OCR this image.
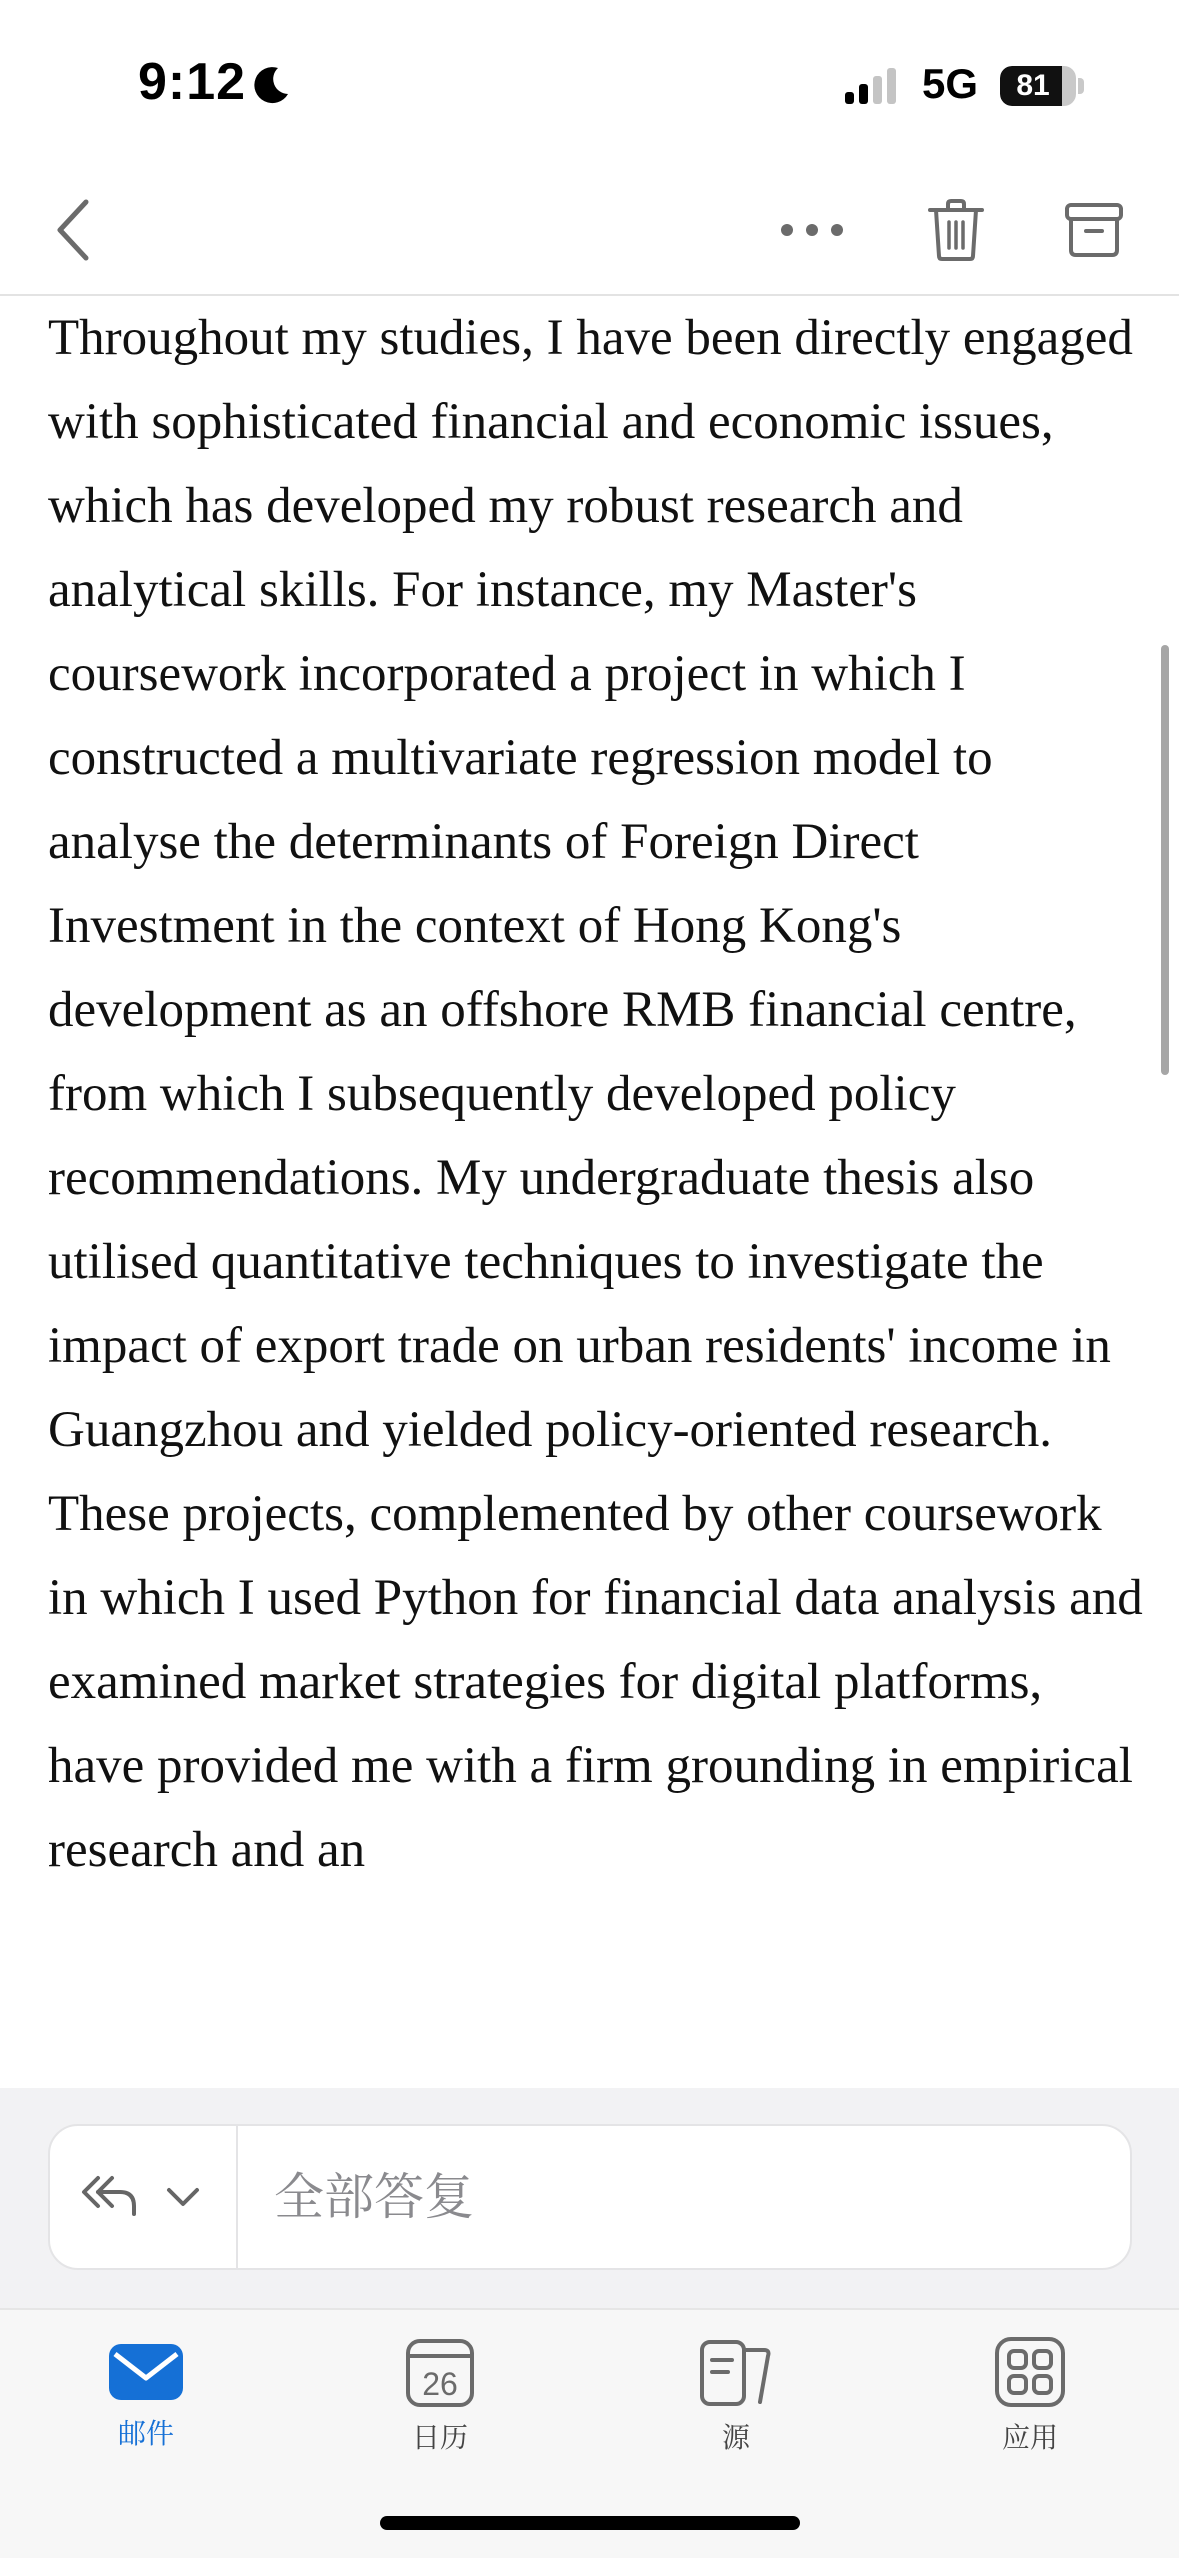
9:12	5G	81

Throughout my studies, I have been directly engaged with sophisticated financial and economic issues, which has developed my robust research and analytical skills. For instance, my Master's coursework incorporated a project in which I constructed a multivariate regression model to analyse the determinants of Foreign Direct Investment in the context of Hong Kong's development as an offshore RMB financial centre, from which I subsequently developed policy recommendations. My undergraduate thesis also utilised quantitative techniques to investigate the impact of export trade on urban residents' income in Guangzhou and yielded policy-oriented research. These projects, complemented by other coursework in which I used Python for financial data analysis and examined market strategies for digital platforms, have provided me with a firm grounding in empirical research and an

全部答复
邮件
26
日历	源	应用
